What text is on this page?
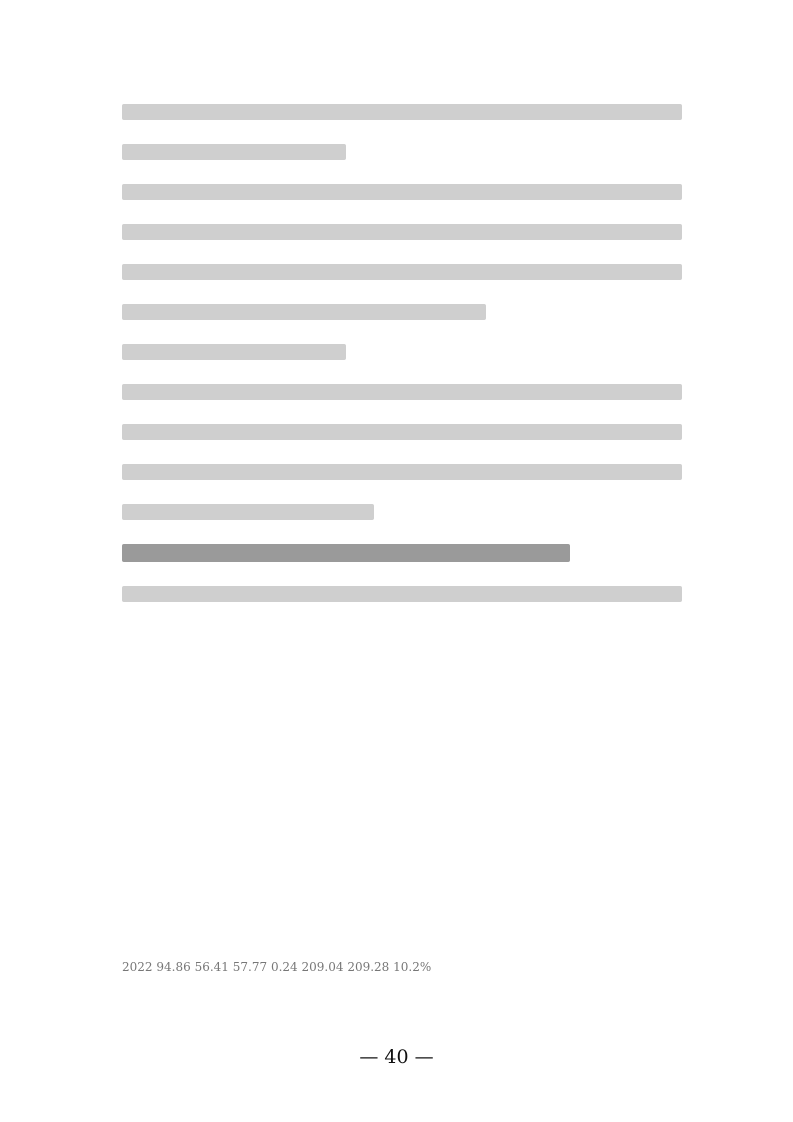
2022 94.86 56.41 57.77 0.24 209.04 209.28 10.2%
— 40 —
